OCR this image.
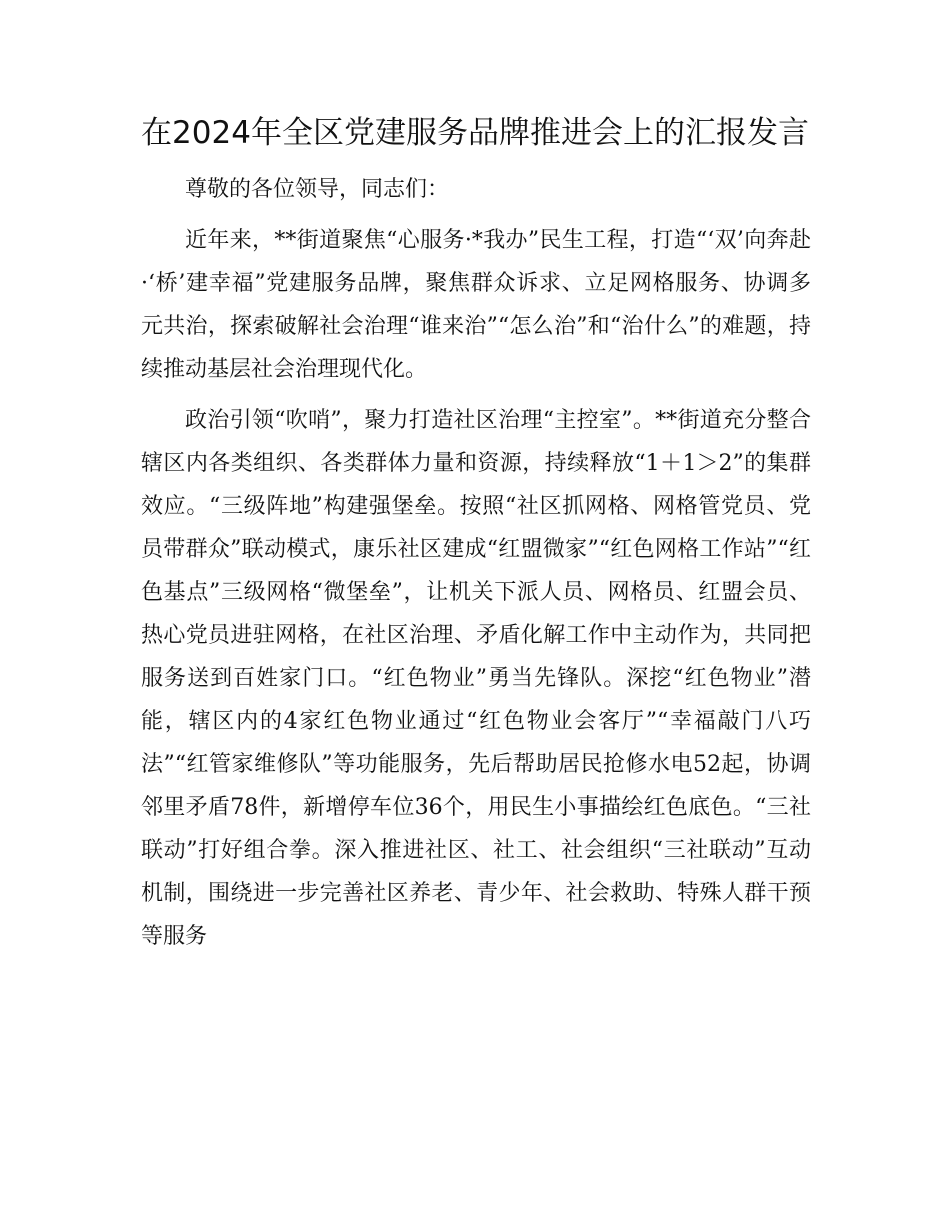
在2024年全区党建服务品牌推进会上的汇报发言

尊敬的各位领导，同志们：

近年来，**街道聚焦“心服务·*我办”民生工程，打造“‘双’向奔赴·‘桥’建幸福”党建服务品牌，聚焦群众诉求、立足网格服务、协调多元共治，探索破解社会治理“谁来治”“怎么治”和“治什么”的难题，持续推动基层社会治理现代化。

政治引领“吹哨”，聚力打造社区治理“主控室”。**街道充分整合辖区内各类组织、各类群体力量和资源，持续释放“1＋1＞2”的集群效应。“三级阵地”构建强堡垒。按照“社区抓网格、网格管党员、党员带群众”联动模式，康乐社区建成“红盟微家”“红色网格工作站”“红色基点”三级网格“微堡垒”，让机关下派人员、网格员、红盟会员、热心党员进驻网格，在社区治理、矛盾化解工作中主动作为，共同把服务送到百姓家门口。“红色物业”勇当先锋队。深挖“红色物业”潜能，辖区内的4家红色物业通过“红色物业会客厅”“幸福敲门八巧法”“红管家维修队”等功能服务，先后帮助居民抢修水电52起，协调邻里矛盾78件，新增停车位36个，用民生小事描绘红色底色。“三社联动”打好组合拳。深入推进社区、社工、社会组织“三社联动”互动机制，围绕进一步完善社区养老、青少年、社会救助、特殊人群干预等服务
